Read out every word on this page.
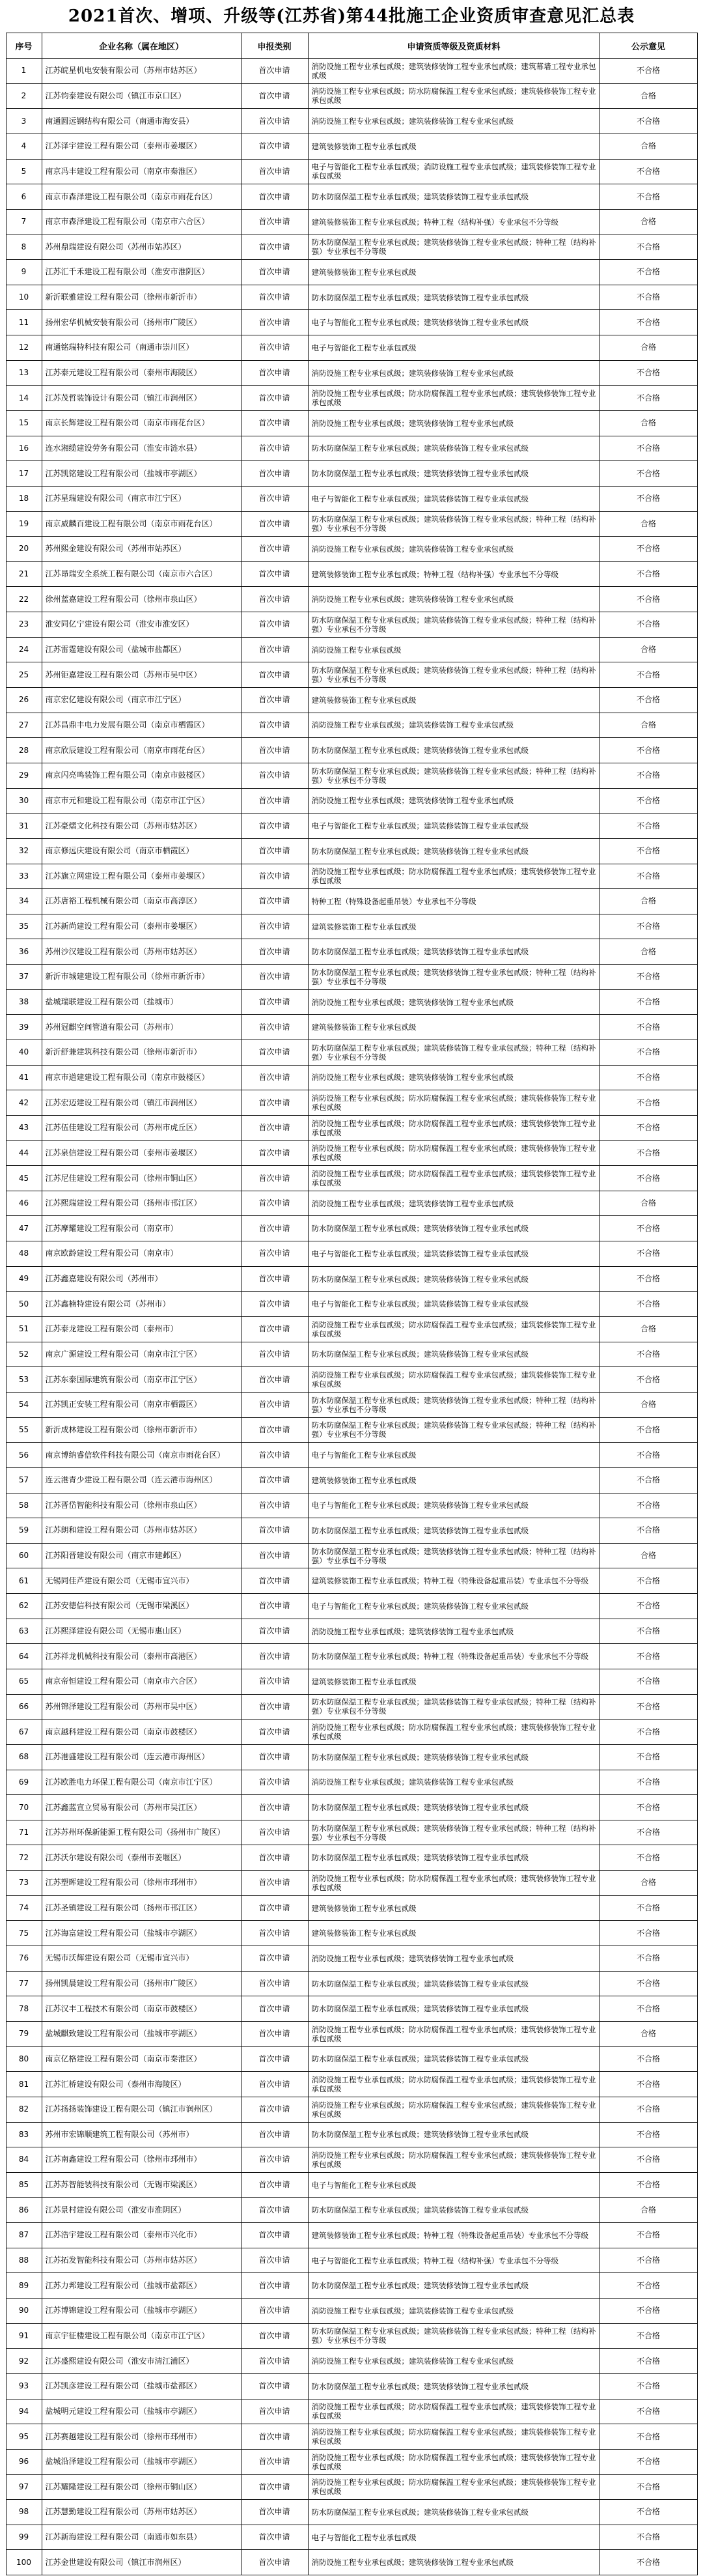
2021首次、增项、升级等(江苏省)第44批施工企业资质审查意见汇总表
序号	企业名称（属在地区）	申报类别	申请资质等级及资质材料	公示意见
1	江苏皖星机电安装有限公司（苏州市姑苏区）	首次申请	消防设施工程专业承包贰级；建筑装修装饰工程专业承包贰级；建筑幕墙工程专业承包贰级	不合格
2	江苏钧泰建设有限公司（镇江市京口区）	首次申请	消防设施工程专业承包贰级；防水防腐保温工程专业承包贰级；建筑装修装饰工程专业承包贰级	合格
3	南通圆远钢结构有限公司（南通市海安县）	首次申请	消防设施工程专业承包贰级；建筑装修装饰工程专业承包贰级	不合格
4	江苏泽宇建设工程有限公司（泰州市姜堰区）	首次申请	建筑装修装饰工程专业承包贰级	合格
5	南京冯丰建设工程有限公司（南京市秦淮区）	首次申请	电子与智能化工程专业承包贰级；消防设施工程专业承包贰级；建筑装修装饰工程专业承包贰级	不合格
6	南京市森泽建设工程有限公司（南京市雨花台区）	首次申请	防水防腐保温工程专业承包贰级；建筑装修装饰工程专业承包贰级	不合格
7	南京市森泽建设工程有限公司（南京市六合区）	首次申请	建筑装修装饰工程专业承包贰级；特种工程（结构补强）专业承包不分等级	合格
8	苏州鼎瑞建设有限公司（苏州市姑苏区）	首次申请	防水防腐保温工程专业承包贰级；建筑装修装饰工程专业承包贰级；特种工程（结构补强）专业承包不分等级	不合格
9	江苏汇千禾建设工程有限公司（淮安市淮阴区）	首次申请	建筑装修装饰工程专业承包贰级	不合格
10	新沂联雅建设工程有限公司（徐州市新沂市）	首次申请	防水防腐保温工程专业承包贰级；建筑装修装饰工程专业承包贰级	不合格
11	扬州宏华机械安装有限公司（扬州市广陵区）	首次申请	电子与智能化工程专业承包贰级；建筑装修装饰工程专业承包贰级	不合格
12	南通铭瑞特科技有限公司（南通市崇川区）	首次申请	电子与智能化工程专业承包贰级	合格
13	江苏泰元建设工程有限公司（泰州市海陵区）	首次申请	消防设施工程专业承包贰级；建筑装修装饰工程专业承包贰级	不合格
14	江苏茂哲装饰设计有限公司（镇江市润州区）	首次申请	消防设施工程专业承包贰级；防水防腐保温工程专业承包贰级；建筑装修装饰工程专业承包贰级	不合格
15	南京长辉建设工程有限公司（南京市雨花台区）	首次申请	消防设施工程专业承包贰级；建筑装修装饰工程专业承包贰级	合格
16	连水湘缆建设劳务有限公司（淮安市涟水县）	首次申请	防水防腐保温工程专业承包贰级；建筑装修装饰工程专业承包贰级	不合格
17	江苏凯铭建设工程有限公司（盐城市亭湖区）	首次申请	防水防腐保温工程专业承包贰级；建筑装修装饰工程专业承包贰级	不合格
18	江苏星瑞建设有限公司（南京市江宁区）	首次申请	电子与智能化工程专业承包贰级；建筑装修装饰工程专业承包贰级	不合格
19	南京威麟百建设工程有限公司（南京市雨花台区）	首次申请	防水防腐保温工程专业承包贰级；建筑装修装饰工程专业承包贰级；特种工程（结构补强）专业承包不分等级	合格
20	苏州熙金建设有限公司（苏州市姑苏区）	首次申请	消防设施工程专业承包贰级；建筑装修装饰工程专业承包贰级	不合格
21	江苏昂瑞安全系统工程有限公司（南京市六合区）	首次申请	建筑装修装饰工程专业承包贰级；特种工程（结构补强）专业承包不分等级	不合格
22	徐州蓝嘉建设工程有限公司（徐州市泉山区）	首次申请	消防设施工程专业承包贰级；建筑装修装饰工程专业承包贰级	不合格
23	淮安同亿宁建设有限公司（淮安市淮安区）	首次申请	防水防腐保温工程专业承包贰级；建筑装修装饰工程专业承包贰级；特种工程（结构补强）专业承包不分等级	不合格
24	江苏雷霆建设有限公司（盐城市盐都区）	首次申请	消防设施工程专业承包贰级	合格
25	苏州钜嘉建设工程有限公司（苏州市吴中区）	首次申请	防水防腐保温工程专业承包贰级；建筑装修装饰工程专业承包贰级；特种工程（结构补强）专业承包不分等级	不合格
26	南京宏亿建设有限公司（南京市江宁区）	首次申请	建筑装修装饰工程专业承包贰级	不合格
27	江苏昌鼎丰电力发展有限公司（南京市栖霞区）	首次申请	消防设施工程专业承包贰级；建筑装修装饰工程专业承包贰级	合格
28	南京欣辰建设工程有限公司（南京市雨花台区）	首次申请	防水防腐保温工程专业承包贰级；建筑装修装饰工程专业承包贰级	不合格
29	南京闪亮鸣装饰工程有限公司（南京市鼓楼区）	首次申请	防水防腐保温工程专业承包贰级；建筑装修装饰工程专业承包贰级；特种工程（结构补强）专业承包不分等级	不合格
30	南京市元和建设工程有限公司（南京市江宁区）	首次申请	消防设施工程专业承包贰级；建筑装修装饰工程专业承包贰级	不合格
31	江苏豪熠文化科技有限公司（苏州市姑苏区）	首次申请	电子与智能化工程专业承包贰级；建筑装修装饰工程专业承包贰级	不合格
32	南京修远庆建设有限公司（南京市栖霞区）	首次申请	防水防腐保温工程专业承包贰级；建筑装修装饰工程专业承包贰级	不合格
33	江苏旗立网建设工程有限公司（泰州市姜堰区）	首次申请	消防设施工程专业承包贰级；防水防腐保温工程专业承包贰级；建筑装修装饰工程专业承包贰级	不合格
34	江苏唐裕工程机械有限公司（南京市高淳区）	首次申请	特种工程（特殊设备起重吊装）专业承包不分等级	合格
35	江苏新尚建设工程有限公司（泰州市姜堰区）	首次申请	建筑装修装饰工程专业承包贰级	不合格
36	苏州沙汉建设工程有限公司（苏州市姑苏区）	首次申请	防水防腐保温工程专业承包贰级；建筑装修装饰工程专业承包贰级	合格
37	新沂市城建建设工程有限公司（徐州市新沂市）	首次申请	防水防腐保温工程专业承包贰级；建筑装修装饰工程专业承包贰级；特种工程（结构补强）专业承包不分等级	不合格
38	盐城瑞联建设工程有限公司（盐城市）	首次申请	消防设施工程专业承包贰级；建筑装修装饰工程专业承包贰级	不合格
39	苏州冠麒空间管道有限公司（苏州市）	首次申请	建筑装修装饰工程专业承包贰级	不合格
40	新沂舒兼建筑科技有限公司（徐州市新沂市）	首次申请	防水防腐保温工程专业承包贰级；建筑装修装饰工程专业承包贰级；特种工程（结构补强）专业承包不分等级	不合格
41	南京市道建建设工程有限公司（南京市鼓楼区）	首次申请	消防设施工程专业承包贰级；建筑装修装饰工程专业承包贰级	不合格
42	江苏宏迈建设工程有限公司（镇江市润州区）	首次申请	消防设施工程专业承包贰级；防水防腐保温工程专业承包贰级；建筑装修装饰工程专业承包贰级	不合格
43	江苏伍佳建设工程有限公司（苏州市虎丘区）	首次申请	消防设施工程专业承包贰级；防水防腐保温工程专业承包贰级；建筑装修装饰工程专业承包贰级	不合格
44	江苏泉信建设工程有限公司（泰州市姜堰区）	首次申请	消防设施工程专业承包贰级；防水防腐保温工程专业承包贰级；建筑装修装饰工程专业承包贰级	不合格
45	江苏尼佳建设工程有限公司（徐州市铜山区）	首次申请	消防设施工程专业承包贰级；防水防腐保温工程专业承包贰级；建筑装修装饰工程专业承包贰级	不合格
46	江苏熙瑞建设工程有限公司（扬州市邗江区）	首次申请	消防设施工程专业承包贰级；建筑装修装饰工程专业承包贰级	合格
47	江苏摩耀建设工程有限公司（南京市）	首次申请	防水防腐保温工程专业承包贰级；建筑装修装饰工程专业承包贰级	不合格
48	南京欧龄建设工程有限公司（南京市）	首次申请	电子与智能化工程专业承包贰级；建筑装修装饰工程专业承包贰级	不合格
49	江苏鑫嘉建设有限公司（苏州市）	首次申请	防水防腐保温工程专业承包贰级；建筑装修装饰工程专业承包贰级	不合格
50	江苏鑫楠特建设有限公司（苏州市）	首次申请	电子与智能化工程专业承包贰级；建筑装修装饰工程专业承包贰级	不合格
51	江苏泰龙建设工程有限公司（泰州市）	首次申请	消防设施工程专业承包贰级；防水防腐保温工程专业承包贰级；建筑装修装饰工程专业承包贰级	合格
52	南京广源建设工程有限公司（南京市江宁区）	首次申请	防水防腐保温工程专业承包贰级；建筑装修装饰工程专业承包贰级	不合格
53	江苏东泰国际建筑有限公司（南京市江宁区）	首次申请	消防设施工程专业承包贰级；防水防腐保温工程专业承包贰级；建筑装修装饰工程专业承包贰级	不合格
54	江苏凯正安装工程有限公司（南京市栖霞区）	首次申请	防水防腐保温工程专业承包贰级；建筑装修装饰工程专业承包贰级；特种工程（结构补强）专业承包不分等级	合格
55	新沂成林建设工程有限公司（徐州市新沂市）	首次申请	防水防腐保温工程专业承包贰级；建筑装修装饰工程专业承包贰级；特种工程（结构补强）专业承包不分等级	不合格
56	南京博纳睿信软件科技有限公司（南京市雨花台区）	首次申请	电子与智能化工程专业承包贰级	不合格
57	连云港青少建设工程有限公司（连云港市海州区）	首次申请	建筑装修装饰工程专业承包贰级	不合格
58	江苏晋岱智能科技有限公司（徐州市泉山区）	首次申请	电子与智能化工程专业承包贰级；建筑装修装饰工程专业承包贰级	不合格
59	江苏朗和建设工程有限公司（苏州市姑苏区）	首次申请	防水防腐保温工程专业承包贰级；建筑装修装饰工程专业承包贰级	不合格
60	江苏阳晋建设有限公司（南京市建邺区）	首次申请	防水防腐保温工程专业承包贰级；建筑装修装饰工程专业承包贰级；特种工程（结构补强）专业承包不分等级	合格
61	无锡同佳芦建设有限公司（无锡市宜兴市）	首次申请	建筑装修装饰工程专业承包贰级；特种工程（特殊设备起重吊装）专业承包不分等级	不合格
62	江苏安德信科技有限公司（无锡市梁溪区）	首次申请	电子与智能化工程专业承包贰级；建筑装修装饰工程专业承包贰级	不合格
63	江苏熙泽建设有限公司（无锡市惠山区）	首次申请	消防设施工程专业承包贰级；建筑装修装饰工程专业承包贰级	不合格
64	江苏祥龙机械科技有限公司（泰州市高港区）	首次申请	防水防腐保温工程专业承包贰级；特种工程（特殊设备起重吊装）专业承包不分等级	不合格
65	南京帝恒建设工程有限公司（南京市六合区）	首次申请	建筑装修装饰工程专业承包贰级	不合格
66	苏州锦泽建设工程有限公司（苏州市吴中区）	首次申请	防水防腐保温工程专业承包贰级；建筑装修装饰工程专业承包贰级；特种工程（结构补强）专业承包不分等级	不合格
67	南京越科建设工程有限公司（南京市鼓楼区）	首次申请	消防设施工程专业承包贰级；防水防腐保温工程专业承包贰级；建筑装修装饰工程专业承包贰级	不合格
68	江苏港盛建设工程有限公司（连云港市海州区）	首次申请	防水防腐保温工程专业承包贰级；建筑装修装饰工程专业承包贰级	不合格
69	江苏欧胜电力环保工程有限公司（南京市江宁区）	首次申请	消防设施工程专业承包贰级；建筑装修装饰工程专业承包贰级	不合格
70	江苏鑫蓝宣立贸易有限公司（苏州市吴江区）	首次申请	防水防腐保温工程专业承包贰级；建筑装修装饰工程专业承包贰级	不合格
71	江苏苏州环保新能源工程有限公司（扬州市广陵区）	首次申请	防水防腐保温工程专业承包贰级；建筑装修装饰工程专业承包贰级；特种工程（结构补强）专业承包不分等级	不合格
72	江苏沃尔建设有限公司（泰州市姜堰区）	首次申请	防水防腐保温工程专业承包贰级；建筑装修装饰工程专业承包贰级	不合格
73	江苏塑晖建设工程有限公司（徐州市邳州市）	首次申请	消防设施工程专业承包贰级；防水防腐保温工程专业承包贰级；建筑装修装饰工程专业承包贰级	合格
74	江苏圣镇建设工程有限公司（扬州市邗江区）	首次申请	建筑装修装饰工程专业承包贰级	不合格
75	江苏海富建设工程有限公司（盐城市亭湖区）	首次申请	建筑装修装饰工程专业承包贰级	不合格
76	无锡市沃辉建设有限公司（无锡市宜兴市）	首次申请	消防设施工程专业承包贰级；建筑装修装饰工程专业承包贰级	不合格
77	扬州凯晨建设工程有限公司（扬州市广陵区）	首次申请	防水防腐保温工程专业承包贰级；建筑装修装饰工程专业承包贰级	不合格
78	江苏汉丰工程技术有限公司（南京市鼓楼区）	首次申请	防水防腐保温工程专业承包贰级；建筑装修装饰工程专业承包贰级	不合格
79	盐城麒致建设工程有限公司（盐城市亭湖区）	首次申请	消防设施工程专业承包贰级；防水防腐保温工程专业承包贰级；建筑装修装饰工程专业承包贰级	合格
80	南京亿格建设工程有限公司（南京市秦淮区）	首次申请	防水防腐保温工程专业承包贰级；建筑装修装饰工程专业承包贰级	不合格
81	江苏汇桥建设有限公司（泰州市海陵区）	首次申请	消防设施工程专业承包贰级；防水防腐保温工程专业承包贰级；建筑装修装饰工程专业承包贰级	不合格
82	江苏扬扬装饰建设工程有限公司（镇江市润州区）	首次申请	消防设施工程专业承包贰级；防水防腐保温工程专业承包贰级；建筑装修装饰工程专业承包贰级	不合格
83	苏州市宏锦顺建筑工程有限公司（苏州市）	首次申请	防水防腐保温工程专业承包贰级；建筑装修装饰工程专业承包贰级	不合格
84	江苏南鑫建设工程有限公司（徐州市邳州市）	首次申请	消防设施工程专业承包贰级；防水防腐保温工程专业承包贰级；建筑装修装饰工程专业承包贰级	不合格
85	江苏苏智能装科技有限公司（无锡市梁溪区）	首次申请	电子与智能化工程专业承包贰级	不合格
86	江苏景村建设有限公司（淮安市淮阴区）	首次申请	防水防腐保温工程专业承包贰级；建筑装修装饰工程专业承包贰级	合格
87	江苏浩宇建设工程有限公司（泰州市兴化市）	首次申请	建筑装修装饰工程专业承包贰级；特种工程（特殊设备起重吊装）专业承包不分等级	不合格
88	江苏拓发智能科技有限公司（苏州市姑苏区）	首次申请	电子与智能化工程专业承包贰级；特种工程（结构补强）专业承包不分等级	不合格
89	江苏力邦建设工程有限公司（盐城市盐都区）	首次申请	防水防腐保温工程专业承包贰级；建筑装修装饰工程专业承包贰级	不合格
90	江苏博锦建设工程有限公司（盐城市亭湖区）	首次申请	消防设施工程专业承包贰级；建筑装修装饰工程专业承包贰级	不合格
91	南京宇征楼建设工程有限公司（南京市江宁区）	首次申请	防水防腐保温工程专业承包贰级；建筑装修装饰工程专业承包贰级；特种工程（结构补强）专业承包不分等级	不合格
92	江苏盛熙建设有限公司（淮安市清江浦区）	首次申请	消防设施工程专业承包贰级；建筑装修装饰工程专业承包贰级	不合格
93	江苏凯彦建设工程有限公司（盐城市盐都区）	首次申请	防水防腐保温工程专业承包贰级；建筑装修装饰工程专业承包贰级	不合格
94	盐城明元建设工程有限公司（盐城市亭湖区）	首次申请	消防设施工程专业承包贰级；防水防腐保温工程专业承包贰级；建筑装修装饰工程专业承包贰级	不合格
95	江苏赛越建设工程有限公司（徐州市邳州市）	首次申请	消防设施工程专业承包贰级；防水防腐保温工程专业承包贰级；建筑装修装饰工程专业承包贰级	不合格
96	盐城沿泽建设工程有限公司（盐城市亭湖区）	首次申请	消防设施工程专业承包贰级；防水防腐保温工程专业承包贰级；建筑装修装饰工程专业承包贰级	不合格
97	江苏耀隆建设工程有限公司（徐州市铜山区）	首次申请	消防设施工程专业承包贰级；防水防腐保温工程专业承包贰级；建筑装修装饰工程专业承包贰级	不合格
98	江苏慧勤建设工程有限公司（苏州市姑苏区）	首次申请	防水防腐保温工程专业承包贰级；建筑装修装饰工程专业承包贰级	不合格
99	江苏新海建设工程有限公司（南通市如东县）	首次申请	电子与智能化工程专业承包贰级	不合格
100	江苏金世建设有限公司（镇江市润州区）	首次申请	消防设施工程专业承包贰级；建筑装修装饰工程专业承包贰级	不合格
